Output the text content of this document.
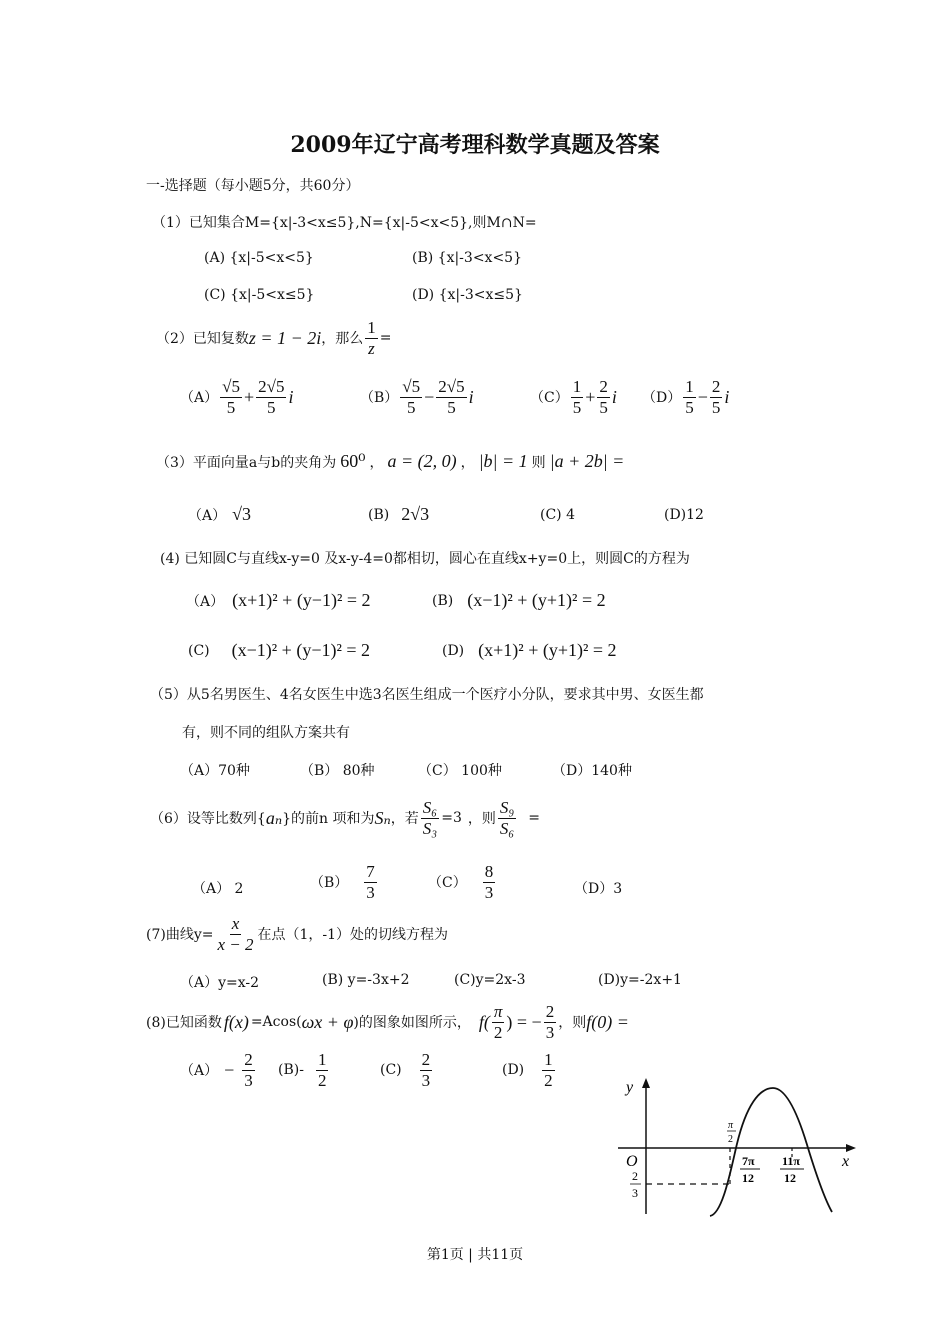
2009年辽宁高考理科数学真题及答案
一-选择题（每小题5分，共60分）
（1）已知集合M={x|-3<x≤5},N={x|-5<x<5},则M∩N=
(A) {x|-5<x<5}	(B) {x|-3<x<5}
(C) {x|-5<x≤5}	(D) {x|-3<x≤5}
（2）已知复数 z = 1 − 2i ，那么 $\frac{1}{z}$ =
$(A) \frac{√5}{5} + \frac{2√5}{5}$ i	$(B) \frac{√5}{5} - \frac{2√5}{5}$ i	$(C) \frac{1}{5} + \frac{2}{5}$ i $(D) \frac{1}{5} - \frac{2}{5}$ i
（3）平面向量a与b的夹角为 60⁰ ， a = (2, 0) ， |b| = 1 则 |a + 2b| =
（A） √3	(B) 2√3	(C) 4	(D)12
(4) 已知圆C与直线x-y=0 及x-y-4=0都相切，圆心在直线x+y=0上，则圆C的方程为
（A） (x+1)² + (y−1)² = 2	(B) (x−1)² + (y+1)² = 2
(C) (x−1)² + (y−1)² = 2	(D) (x+1)² + (y+1)² = 2
（5）从5名男医生、4名女医生中选3名医生组成一个医疗小分队，要求其中男、女医生都
有，则不同的组队方案共有
（A）70种	（B） 80种	（C） 100种	（D）140种
（6）设等比数列{ aₙ }的前n 项和为 Sₙ ，若 $\frac{\text{S₆}}{\text{S₃}} =3$ ，则 $\frac{\text{S₉}}{\text{S₆}}$ =
（A） 2	$(B) \frac{7}{3}$	$(C) \frac{8}{3}$	（D）3
(7)曲线$y= \frac{x}{x - 2}$ 在点（1，-1）处的切线方程为
（A）y=x-2	(B) y=-3x+2	(C)y=2x-3	(D)y=-2x+1
(8)已知函数 f(x) =Acos( ωx + φ )的图象如图所示， $f( \frac{\pi}{2}$ ) = − $\frac{2}{3}$ ，则 f(0) =
$(A) - \frac{2}{3} (B)- \frac{1}{2}$	$(C) \frac{2}{3}$	$(D) \frac{1}{2}$	y
x
O
π
2
7π
12
11π
12
2
3
第1页 | 共11页
